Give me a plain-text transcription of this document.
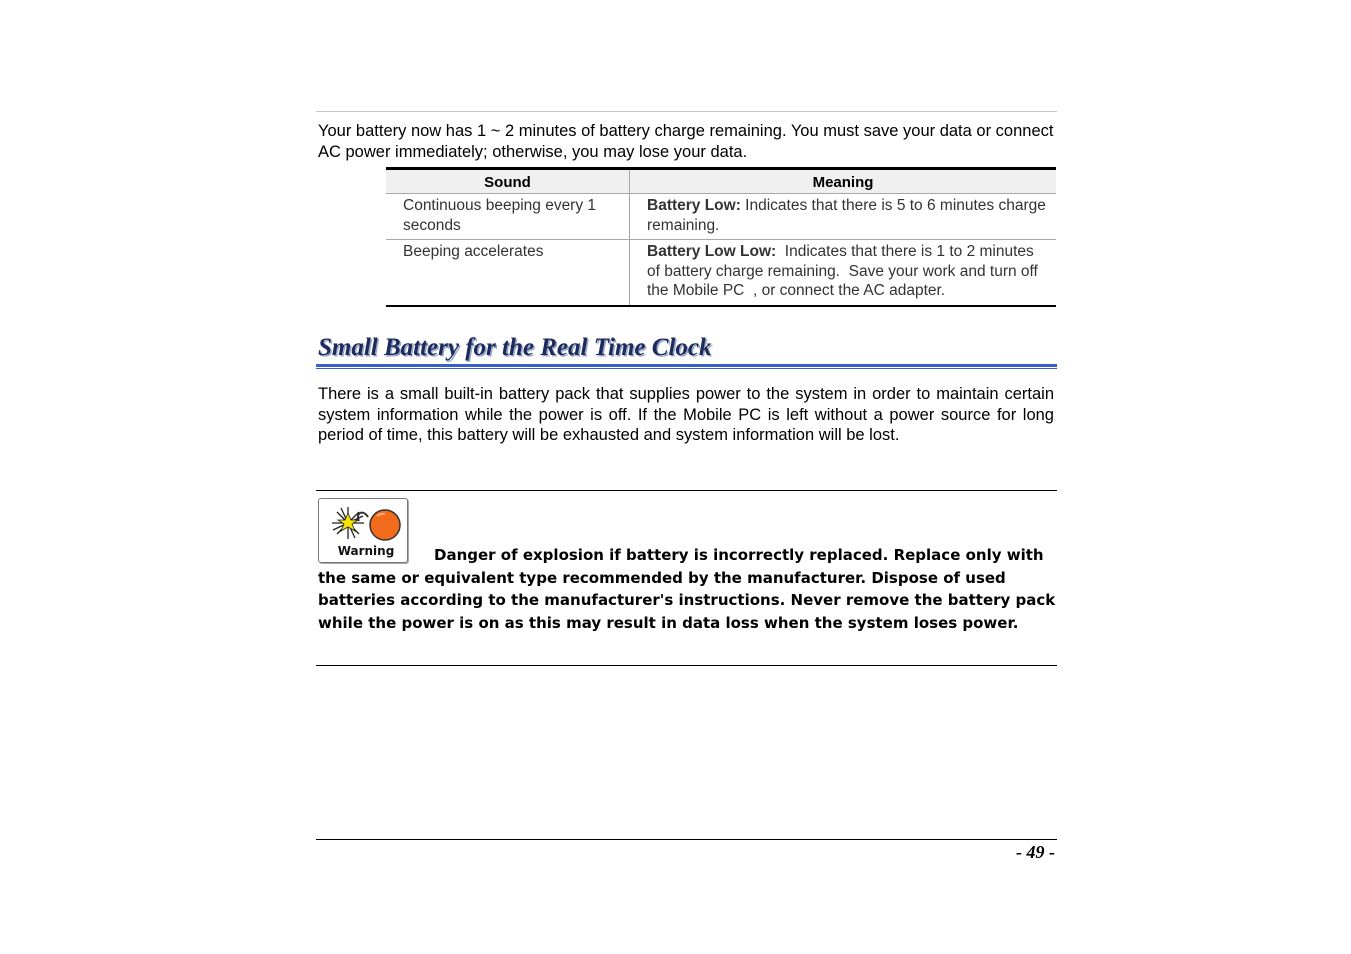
Your battery now has 1 ~ 2 minutes of battery charge remaining. You must save your data or connect AC power immediately; otherwise, you may lose your data.

Sound	Meaning
Continuous beeping every 1 seconds	Battery Low: Indicates that there is 5 to 6 minutes charge remaining.
Beeping accelerates	Battery Low Low:  Indicates that there is 1 to 2 minutes of battery charge remaining.  Save your work and turn off the Mobile PC  , or connect the AC adapter.
Small Battery for the Real Time Clock

There is a small built-in battery pack that supplies power to the system in order to maintain certain system information while the power is off. If the Mobile PC is left without a power source for long period of time, this battery will be exhausted and system information will be lost.

Warning	Danger of explosion if battery is incorrectly replaced. Replace only with the same or equivalent type recommended by the manufacturer. Dispose of used batteries according to the manufacturer's instructions. Never remove the battery pack while the power is on as this may result in data loss when the system loses power.

- 49 -
